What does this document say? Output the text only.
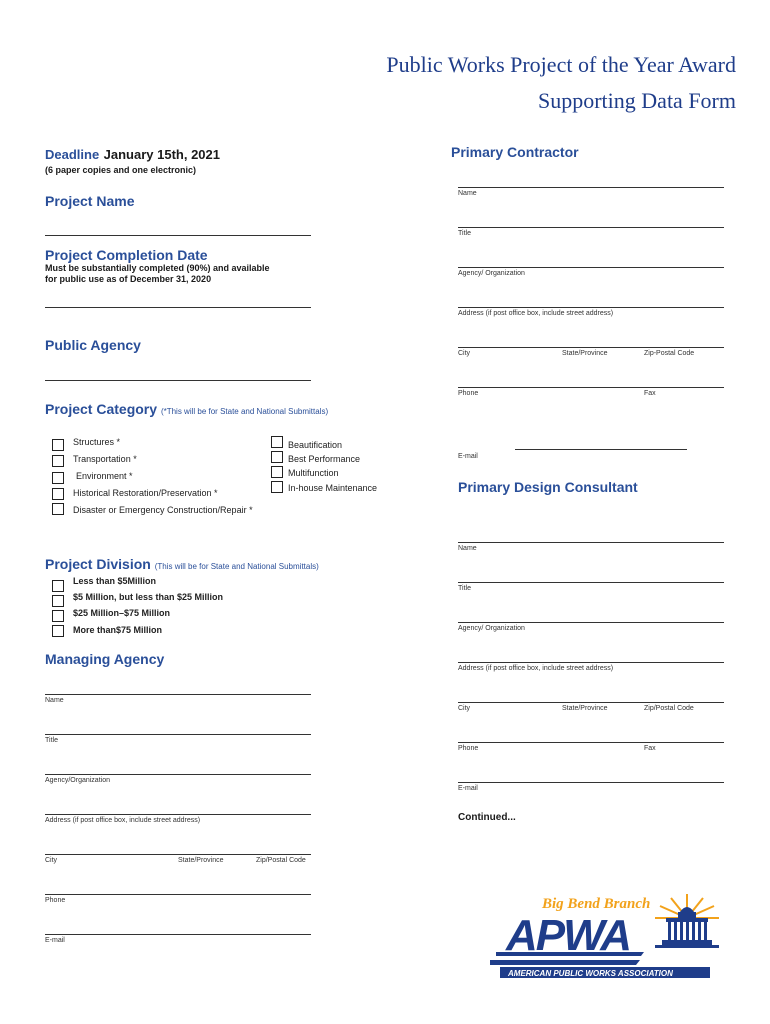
Public Works Project of the Year Award
Supporting Data Form
Deadline January 15th, 2021
(6 paper copies and one electronic)
Project Name
Project Completion Date
Must be substantially completed (90%) and available
for public use as of December 31, 2020
Public Agency
Project Category (*This will be for State and National Submittals)
Structures *
Transportation *
Environment *
Historical Restoration/Preservation *
Disaster or Emergency Construction/Repair *
Beautification
Best Performance
Multifunction
In-house Maintenance
Project Division (This will be for State and National Submittals)
Less than $5Million
$5 Million, but less than $25 Million
$25 Million–$75 Million
More than$75 Million
Managing Agency
Name
Title
Agency/Organization
Address (if post office box, include street address)
City	State/Province	Zip/Postal Code
Phone
E-mail
Primary Contractor
Name
Title
Agency/ Organization
Address (if post office box, include street address)
City	State/Province	Zip-Postal Code
Phone	Fax
E-mail
Primary Design Consultant
Name
Title
Agency/ Organization
Address (if post office box, include street address)
City	State/Province	Zip/Postal Code
Phone	Fax
E-mail
Continued...
Big Bend Branch
APWA
AMERICAN PUBLIC WORKS ASSOCIATION
